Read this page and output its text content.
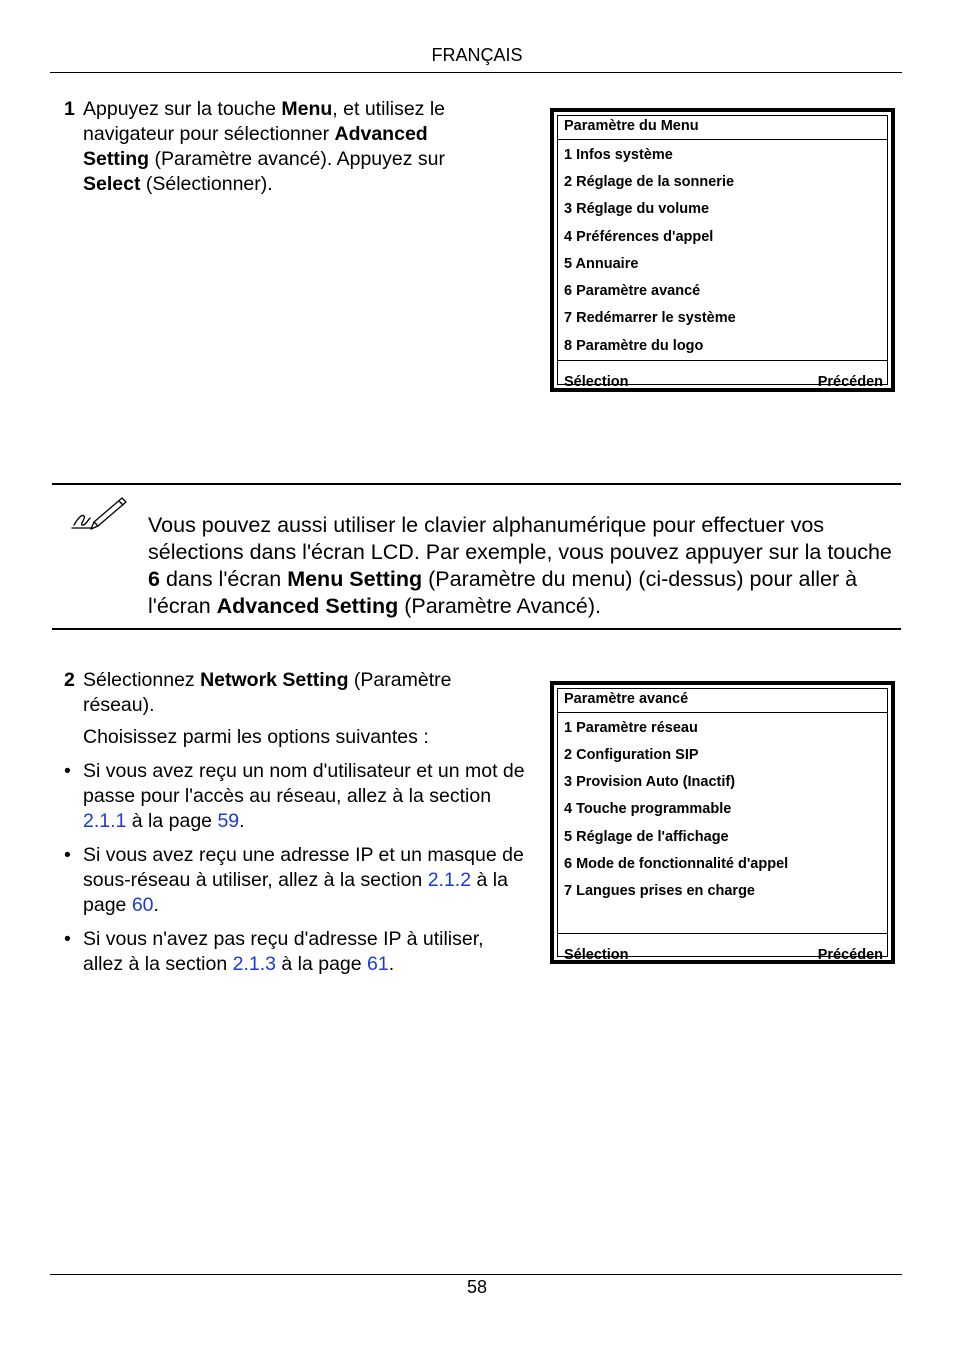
FRANÇAIS
1 Appuyez sur la touche Menu, et utilisez le navigateur pour sélectionner Advanced Setting (Paramètre avancé). Appuyez sur Select (Sélectionner).
Paramètre du Menu
1 Infos système
2 Réglage de la sonnerie
3 Réglage du volume
4 Préférences d'appel
5 Annuaire
6 Paramètre avancé
7 Redémarrer le système
8 Paramètre du logo
Sélection	Précéden
Vous pouvez aussi utiliser le clavier alphanumérique pour effectuer vos sélections dans l'écran LCD. Par exemple, vous pouvez appuyer sur la touche 6 dans l'écran Menu Setting (Paramètre du menu) (ci-dessus) pour aller à l'écran Advanced Setting (Paramètre Avancé).
2 Sélectionnez Network Setting (Paramètre réseau).
Choisissez parmi les options suivantes :
• Si vous avez reçu un nom d'utilisateur et un mot de passe pour l'accès au réseau, allez à la section 2.1.1 à la page 59.
• Si vous avez reçu une adresse IP et un masque de sous-réseau à utiliser, allez à la section 2.1.2 à la page 60.
• Si vous n'avez pas reçu d'adresse IP à utiliser, allez à la section 2.1.3 à la page 61.
Paramètre avancé
1 Paramètre réseau
2 Configuration SIP
3 Provision Auto (Inactif)
4 Touche programmable
5 Réglage de l'affichage
6 Mode de fonctionnalité d'appel
7 Langues prises en charge
Sélection	Précéden
58
